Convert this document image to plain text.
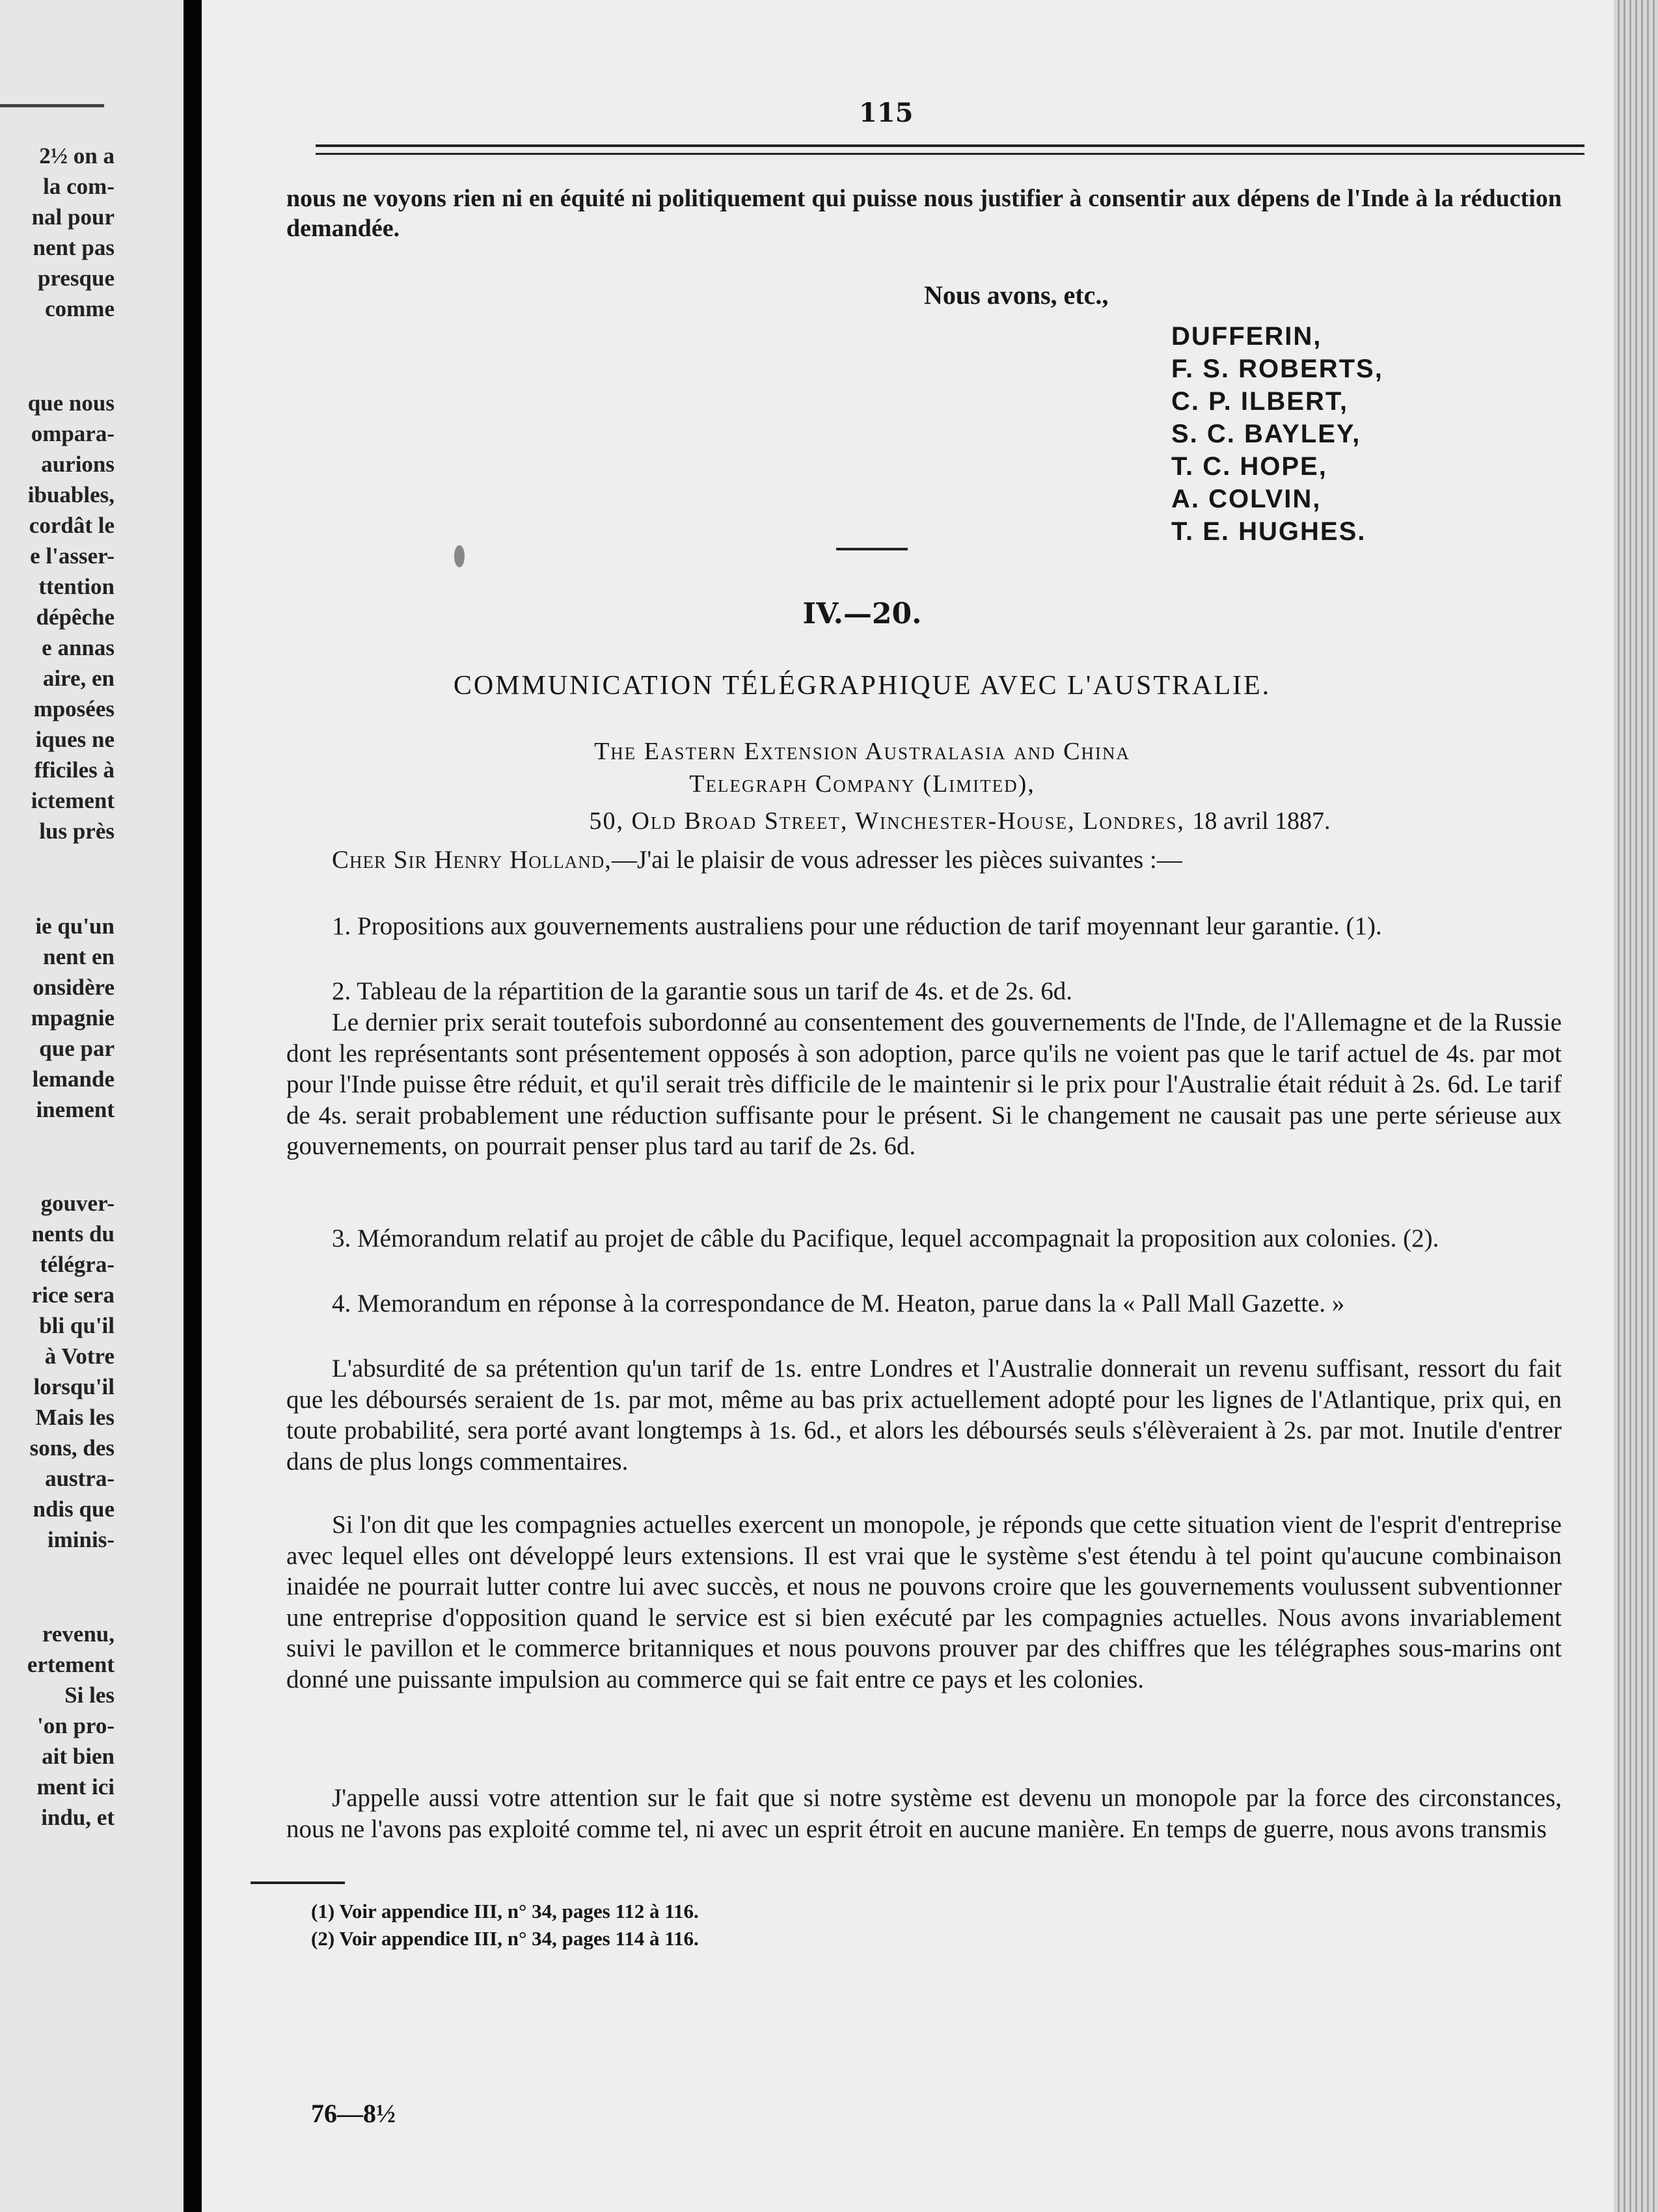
2½ on a
la com-
nal pour
nent pas
presque
comme
que nous
ompara-
aurions
ibuables,
cordât le
e l'asser-
ttention
dépêche
e annas
aire, en
mposées
iques ne
fficiles à
ictement
lus près
ie qu'un
nent en
onsidère
mpagnie
que par
lemande
inement
gouver-
nents du
télégra-
rice sera
bli qu'il
à Votre
lorsqu'il
Mais les
sons, des
austra-
ndis que
iminis-
revenu,
ertement
Si les
'on pro-
ait bien
ment ici
indu, et
115
nous ne voyons rien ni en équité ni politiquement qui puisse nous justifier à consentir aux dépens de l'Inde à la réduction demandée.
Nous avons, etc.,
DUFFERIN,
F. S. ROBERTS,
C. P. ILBERT,
S. C. BAYLEY,
T. C. HOPE,
A. COLVIN,
T. E. HUGHES.
IV.—20.
COMMUNICATION TÉLÉGRAPHIQUE AVEC L'AUSTRALIE.
The Eastern Extension Australasia and China
Telegraph Company (Limited),
50, Old Broad Street, Winchester-House, Londres, 18 avril 1887.
Cher Sir Henry Holland,—J'ai le plaisir de vous adresser les pièces suivantes :—
1. Propositions aux gouvernements australiens pour une réduction de tarif moyennant leur garantie. (1).
2. Tableau de la répartition de la garantie sous un tarif de 4s. et de 2s. 6d.
Le dernier prix serait toutefois subordonné au consentement des gouvernements de l'Inde, de l'Allemagne et de la Russie dont les représentants sont présentement opposés à son adoption, parce qu'ils ne voient pas que le tarif actuel de 4s. par mot pour l'Inde puisse être réduit, et qu'il serait très difficile de le maintenir si le prix pour l'Australie était réduit à 2s. 6d. Le tarif de 4s. serait probablement une réduction suffisante pour le présent. Si le changement ne causait pas une perte sérieuse aux gouvernements, on pourrait penser plus tard au tarif de 2s. 6d.
3. Mémorandum relatif au projet de câble du Pacifique, lequel accompagnait la proposition aux colonies. (2).
4. Memorandum en réponse à la correspondance de M. Heaton, parue dans la « Pall Mall Gazette. »
L'absurdité de sa prétention qu'un tarif de 1s. entre Londres et l'Australie donnerait un revenu suffisant, ressort du fait que les déboursés seraient de 1s. par mot, même au bas prix actuellement adopté pour les lignes de l'Atlantique, prix qui, en toute probabilité, sera porté avant longtemps à 1s. 6d., et alors les déboursés seuls s'élèveraient à 2s. par mot. Inutile d'entrer dans de plus longs commentaires.
Si l'on dit que les compagnies actuelles exercent un monopole, je réponds que cette situation vient de l'esprit d'entreprise avec lequel elles ont développé leurs extensions. Il est vrai que le système s'est étendu à tel point qu'aucune combinaison inaidée ne pourrait lutter contre lui avec succès, et nous ne pouvons croire que les gouvernements voulussent subventionner une entreprise d'opposition quand le service est si bien exécuté par les compagnies actuelles. Nous avons invariablement suivi le pavillon et le commerce britanniques et nous pouvons prouver par des chiffres que les télégraphes sous-marins ont donné une puissante impulsion au commerce qui se fait entre ce pays et les colonies.
J'appelle aussi votre attention sur le fait que si notre système est devenu un monopole par la force des circonstances, nous ne l'avons pas exploité comme tel, ni avec un esprit étroit en aucune manière. En temps de guerre, nous avons transmis
(1) Voir appendice III, n° 34, pages 112 à 116.
(2) Voir appendice III, n° 34, pages 114 à 116.
76—8½
